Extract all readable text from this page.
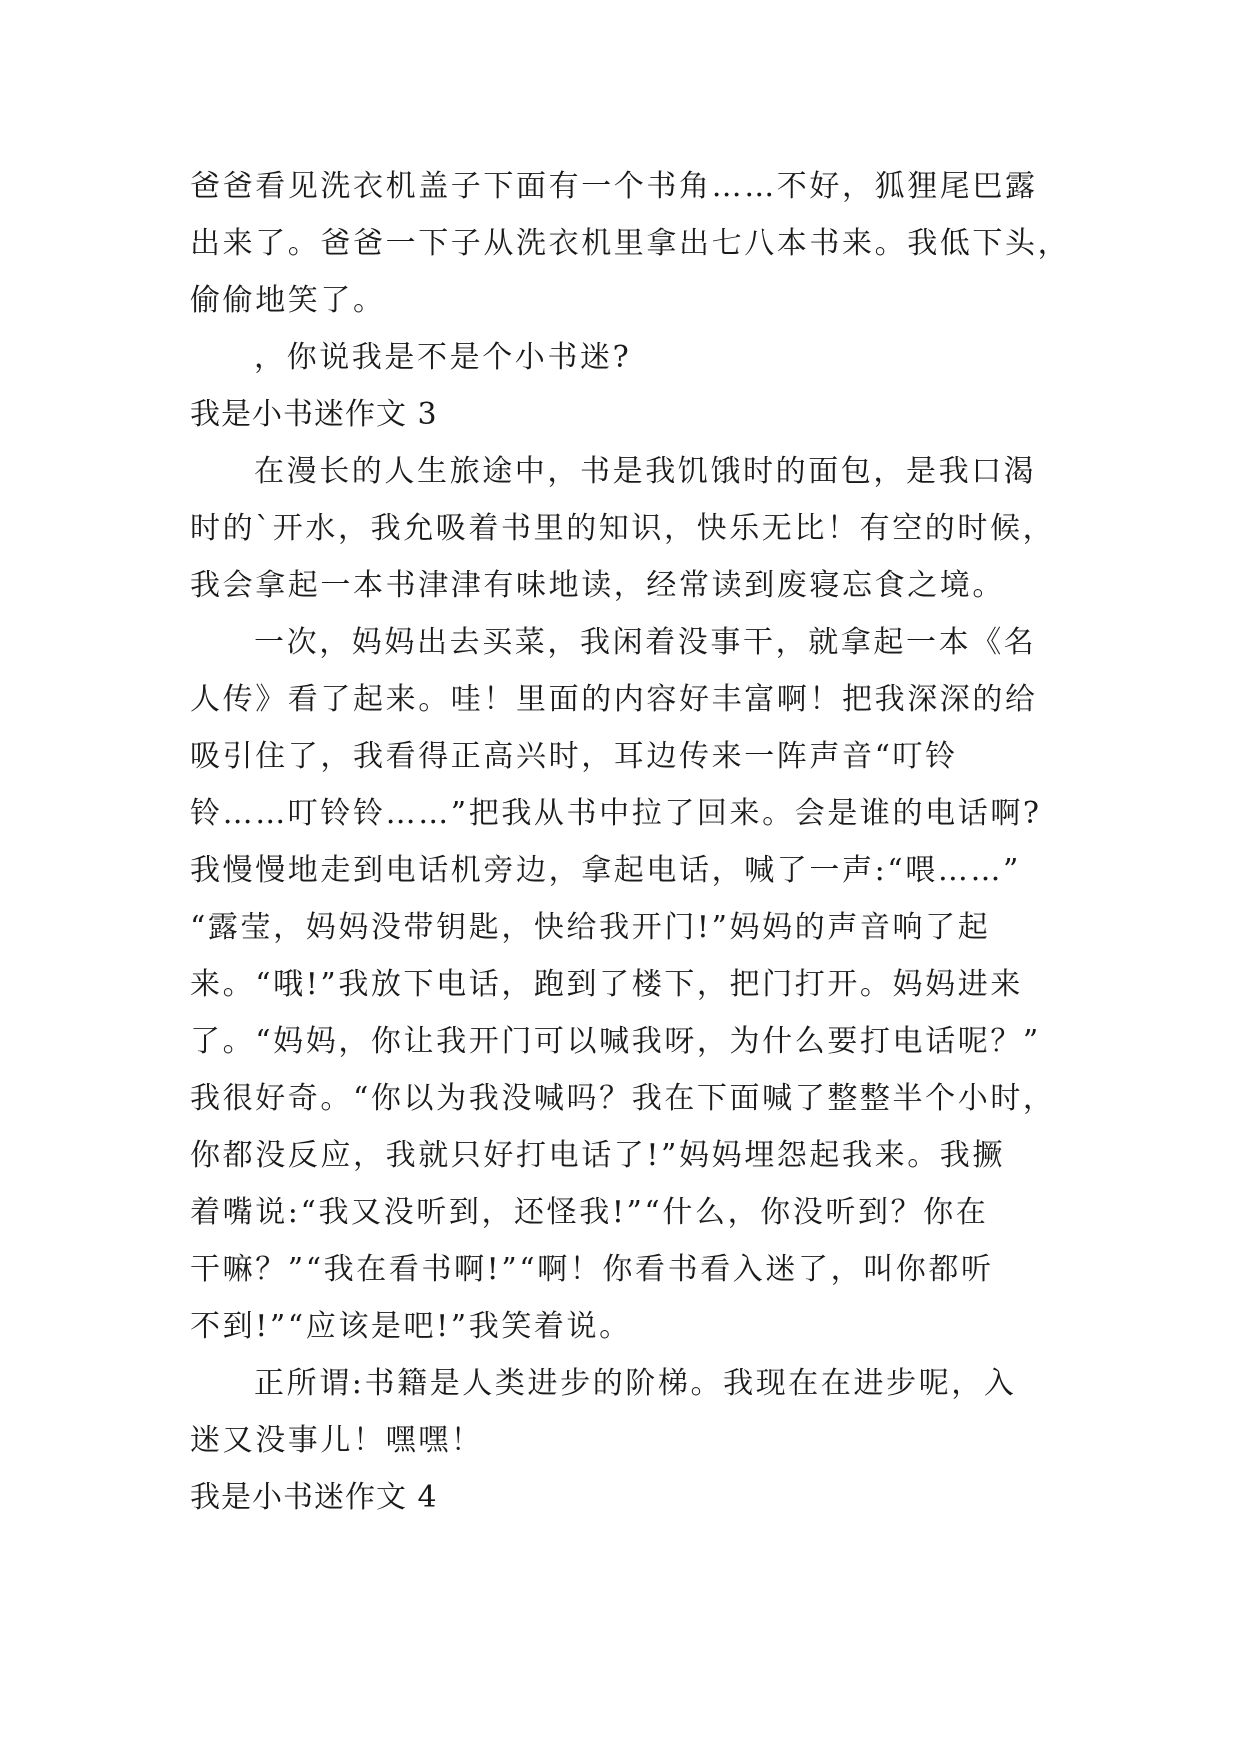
爸爸看见洗衣机盖子下面有一个书角……不好，狐狸尾巴露
出来了。爸爸一下子从洗衣机里拿出七八本书来。我低下头，
偷偷地笑了。
，你说我是不是个小书迷?
我是小书迷作文 3
在漫长的人生旅途中，书是我饥饿时的面包，是我口渴
时的`开水，我允吸着书里的知识，快乐无比！有空的时候，
我会拿起一本书津津有味地读，经常读到废寝忘食之境。
一次，妈妈出去买菜，我闲着没事干，就拿起一本《名
人传》看了起来。哇！里面的内容好丰富啊！把我深深的给
吸引住了，我看得正高兴时，耳边传来一阵声音“叮铃
铃……叮铃铃……”把我从书中拉了回来。会是谁的电话啊?
我慢慢地走到电话机旁边，拿起电话，喊了一声:“喂……”
“露莹，妈妈没带钥匙，快给我开门!”妈妈的声音响了起
来。“哦!”我放下电话，跑到了楼下，把门打开。妈妈进来
了。“妈妈，你让我开门可以喊我呀，为什么要打电话呢？”
我很好奇。“你以为我没喊吗？我在下面喊了整整半个小时，
你都没反应，我就只好打电话了!”妈妈埋怨起我来。我撅
着嘴说:“我又没听到，还怪我!”“什么，你没听到？你在
干嘛？”“我在看书啊!”“啊！你看书看入迷了，叫你都听
不到!”“应该是吧!”我笑着说。
正所谓:书籍是人类进步的阶梯。我现在在进步呢，入
迷又没事儿！嘿嘿！
我是小书迷作文 4
